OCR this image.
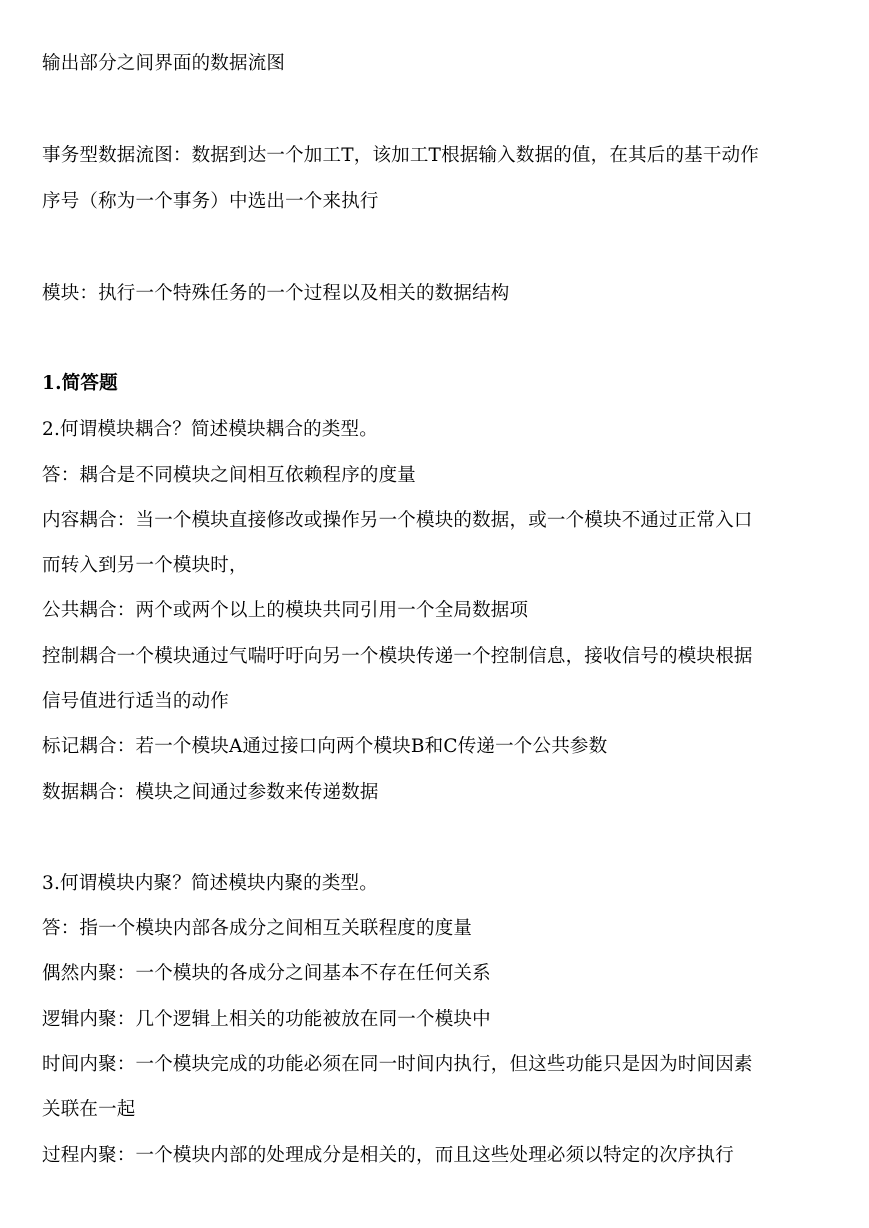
输出部分之间界面的数据流图
事务型数据流图：数据到达一个加工T，该加工T根据输入数据的值，在其后的基干动作
序号（称为一个事务）中选出一个来执行
模块：执行一个特殊任务的一个过程以及相关的数据结构
1.简答题
2.何谓模块耦合？简述模块耦合的类型。
答：耦合是不同模块之间相互依赖程序的度量
内容耦合：当一个模块直接修改或操作另一个模块的数据，或一个模块不通过正常入口
而转入到另一个模块时，
公共耦合：两个或两个以上的模块共同引用一个全局数据项
控制耦合一个模块通过气喘吁吁向另一个模块传递一个控制信息，接收信号的模块根据
信号值进行适当的动作
标记耦合：若一个模块A通过接口向两个模块B和C传递一个公共参数
数据耦合：模块之间通过参数来传递数据
3.何谓模块内聚？简述模块内聚的类型。
答：指一个模块内部各成分之间相互关联程度的度量
偶然内聚：一个模块的各成分之间基本不存在任何关系
逻辑内聚：几个逻辑上相关的功能被放在同一个模块中
时间内聚：一个模块完成的功能必须在同一时间内执行，但这些功能只是因为时间因素
关联在一起
过程内聚：一个模块内部的处理成分是相关的，而且这些处理必须以特定的次序执行
